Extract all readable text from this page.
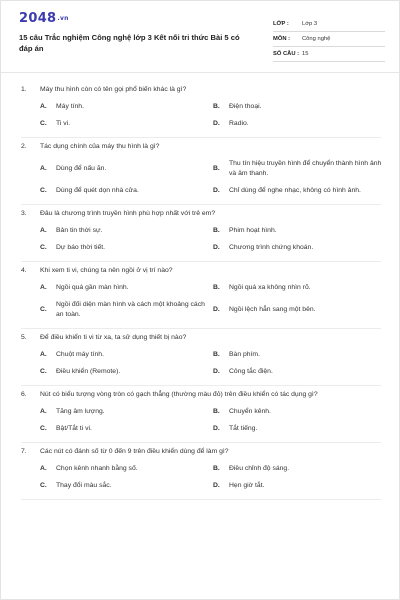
2048.vn
15 câu Trắc nghiệm Công nghệ lớp 3 Kết nối tri thức Bài 5 có đáp án
LỚP :	Lớp 3
MÔN :	Công nghệ
SỐ CÂU : 15
1.	Máy thu hình còn có tên gọi phổ biến khác là gì?
A.	Máy tính.	B.	Điện thoại.
C.	Ti vi.	D.	Radio.
2.	Tác dụng chính của máy thu hình là gì?
A.	Dùng để nấu ăn.	B.
Thu tín hiệu truyền hình để chuyển thành hình ảnh và âm thanh.
C.	Dùng để quét dọn nhà cửa.	D.	Chỉ dùng để nghe nhạc, không có hình ảnh.
3.	Đâu là chương trình truyền hình phù hợp nhất với trẻ em?
A.	Bản tin thời sự.	B.	Phim hoạt hình.
C.	Dự báo thời tiết.	D.	Chương trình chứng khoán.
4.	Khi xem ti vi, chúng ta nên ngồi ở vị trí nào?
A.	Ngồi quá gần màn hình.	B.	Ngồi quá xa không nhìn rõ.
C.
Ngồi đối diện màn hình và cách một khoảng cách an toàn.
D.	Ngồi lệch hẳn sang một bên.
5.	Để điều khiển ti vi từ xa, ta sử dụng thiết bị nào?
A.	Chuột máy tính.	B.	Bàn phím.
C.	Điều khiển (Remote).	D.	Công tắc điện.
6.	Nút có biểu tượng vòng tròn có gạch thẳng (thường màu đỏ) trên điều khiển có tác dụng gì?
A.	Tăng âm lượng.	B.	Chuyển kênh.
C.	Bật/Tắt ti vi.	D.	Tắt tiếng.
7.	Các nút có đánh số từ 0 đến 9 trên điều khiển dùng để làm gì?
A.	Chọn kênh nhanh bằng số.	B.	Điều chỉnh độ sáng.
C.	Thay đổi màu sắc.	D.	Hẹn giờ tắt.
